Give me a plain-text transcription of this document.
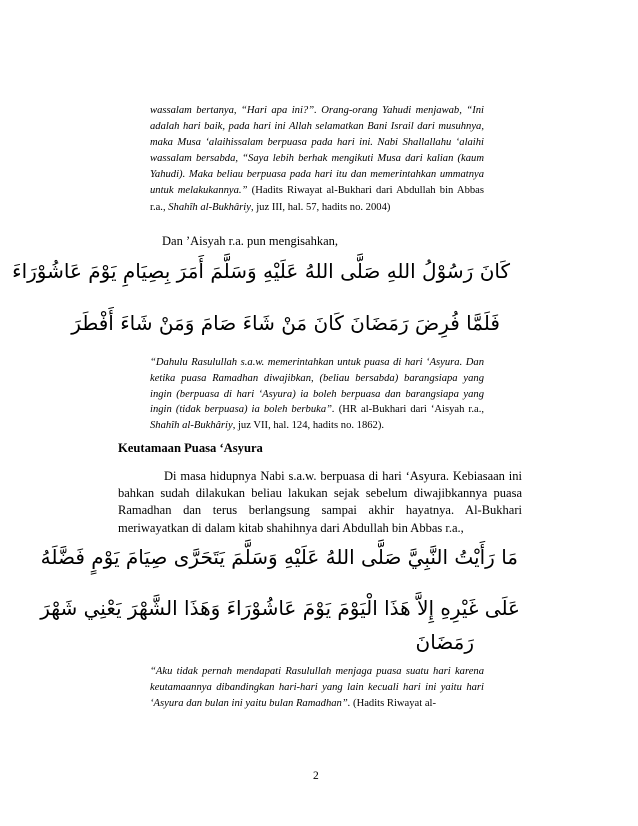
wassalam bertanya, “Hari apa ini?”. Orang-orang Yahudi menjawab, “Ini adalah hari baik, pada hari ini Allah selamatkan Bani Israil dari musuhnya, maka Musa ‘alaihissalam berpuasa pada hari ini. Nabi Shallallahu ‘alaihi wassalam bersabda, “Saya lebih berhak mengikuti Musa dari kalian (kaum Yahudi). Maka beliau berpuasa pada hari itu dan memerintahkan ummatnya untuk melakukannya.” (Hadits Riwayat al-Bukhari dari Abdullah bin Abbas r.a., Shahîh al-Bukhâriy, juz III, hal. 57, hadits no. 2004)
Dan ’Aisyah r.a. pun mengisahkan,
كَانَ رَسُوْلُ اللهِ صَلَّى اللهُ عَلَيْهِ وَسَلَّمَ أَمَرَ بِصِيَامِ يَوْمَ عَاشُوْرَاءَ
فَلَمَّا فُرِضَ رَمَضَانَ كَانَ مَنْ شَاءَ صَامَ وَمَنْ شَاءَ أَفْطَرَ
“Dahulu Rasulullah s.a.w. memerintahkan untuk puasa di hari ‘Asyura. Dan ketika puasa Ramadhan diwajibkan, (beliau bersabda) barangsiapa yang ingin (berpuasa di hari ‘Asyura) ia boleh berpuasa dan barangsiapa yang ingin (tidak berpuasa) ia boleh berbuka”. (HR al-Bukhari dari ‘Aisyah r.a., Shahîh al-Bukhâriy, juz VII, hal. 124, hadits no. 1862).
Keutamaan Puasa ‘Asyura
Di masa hidupnya Nabi s.a.w. berpuasa di hari ‘Asyura. Kebiasaan ini bahkan sudah dilakukan beliau lakukan sejak sebelum diwajibkannya puasa Ramadhan dan terus berlangsung sampai akhir hayatnya. Al-Bukhari meriwayatkan di dalam kitab shahihnya dari Abdullah bin Abbas r.a.,
مَا رَأَيْتُ النَّبِيَّ صَلَّى اللهُ عَلَيْهِ وَسَلَّمَ يَتَحَرَّى صِيَامَ يَوْمٍ فَضَّلَهُ
عَلَى غَيْرِهِ إِلاَّ هَذَا الْيَوْمَ يَوْمَ عَاشُوْرَاءَ وَهَذَا الشَّهْرَ يَعْنِي شَهْرَ
رَمَضَانَ
“Aku tidak pernah mendapati Rasulullah menjaga puasa suatu hari karena keutamaannya dibandingkan hari-hari yang lain kecuali hari ini yaitu hari ‘Asyura dan bulan ini yaitu bulan Ramadhan”. (Hadits Riwayat al-
2
